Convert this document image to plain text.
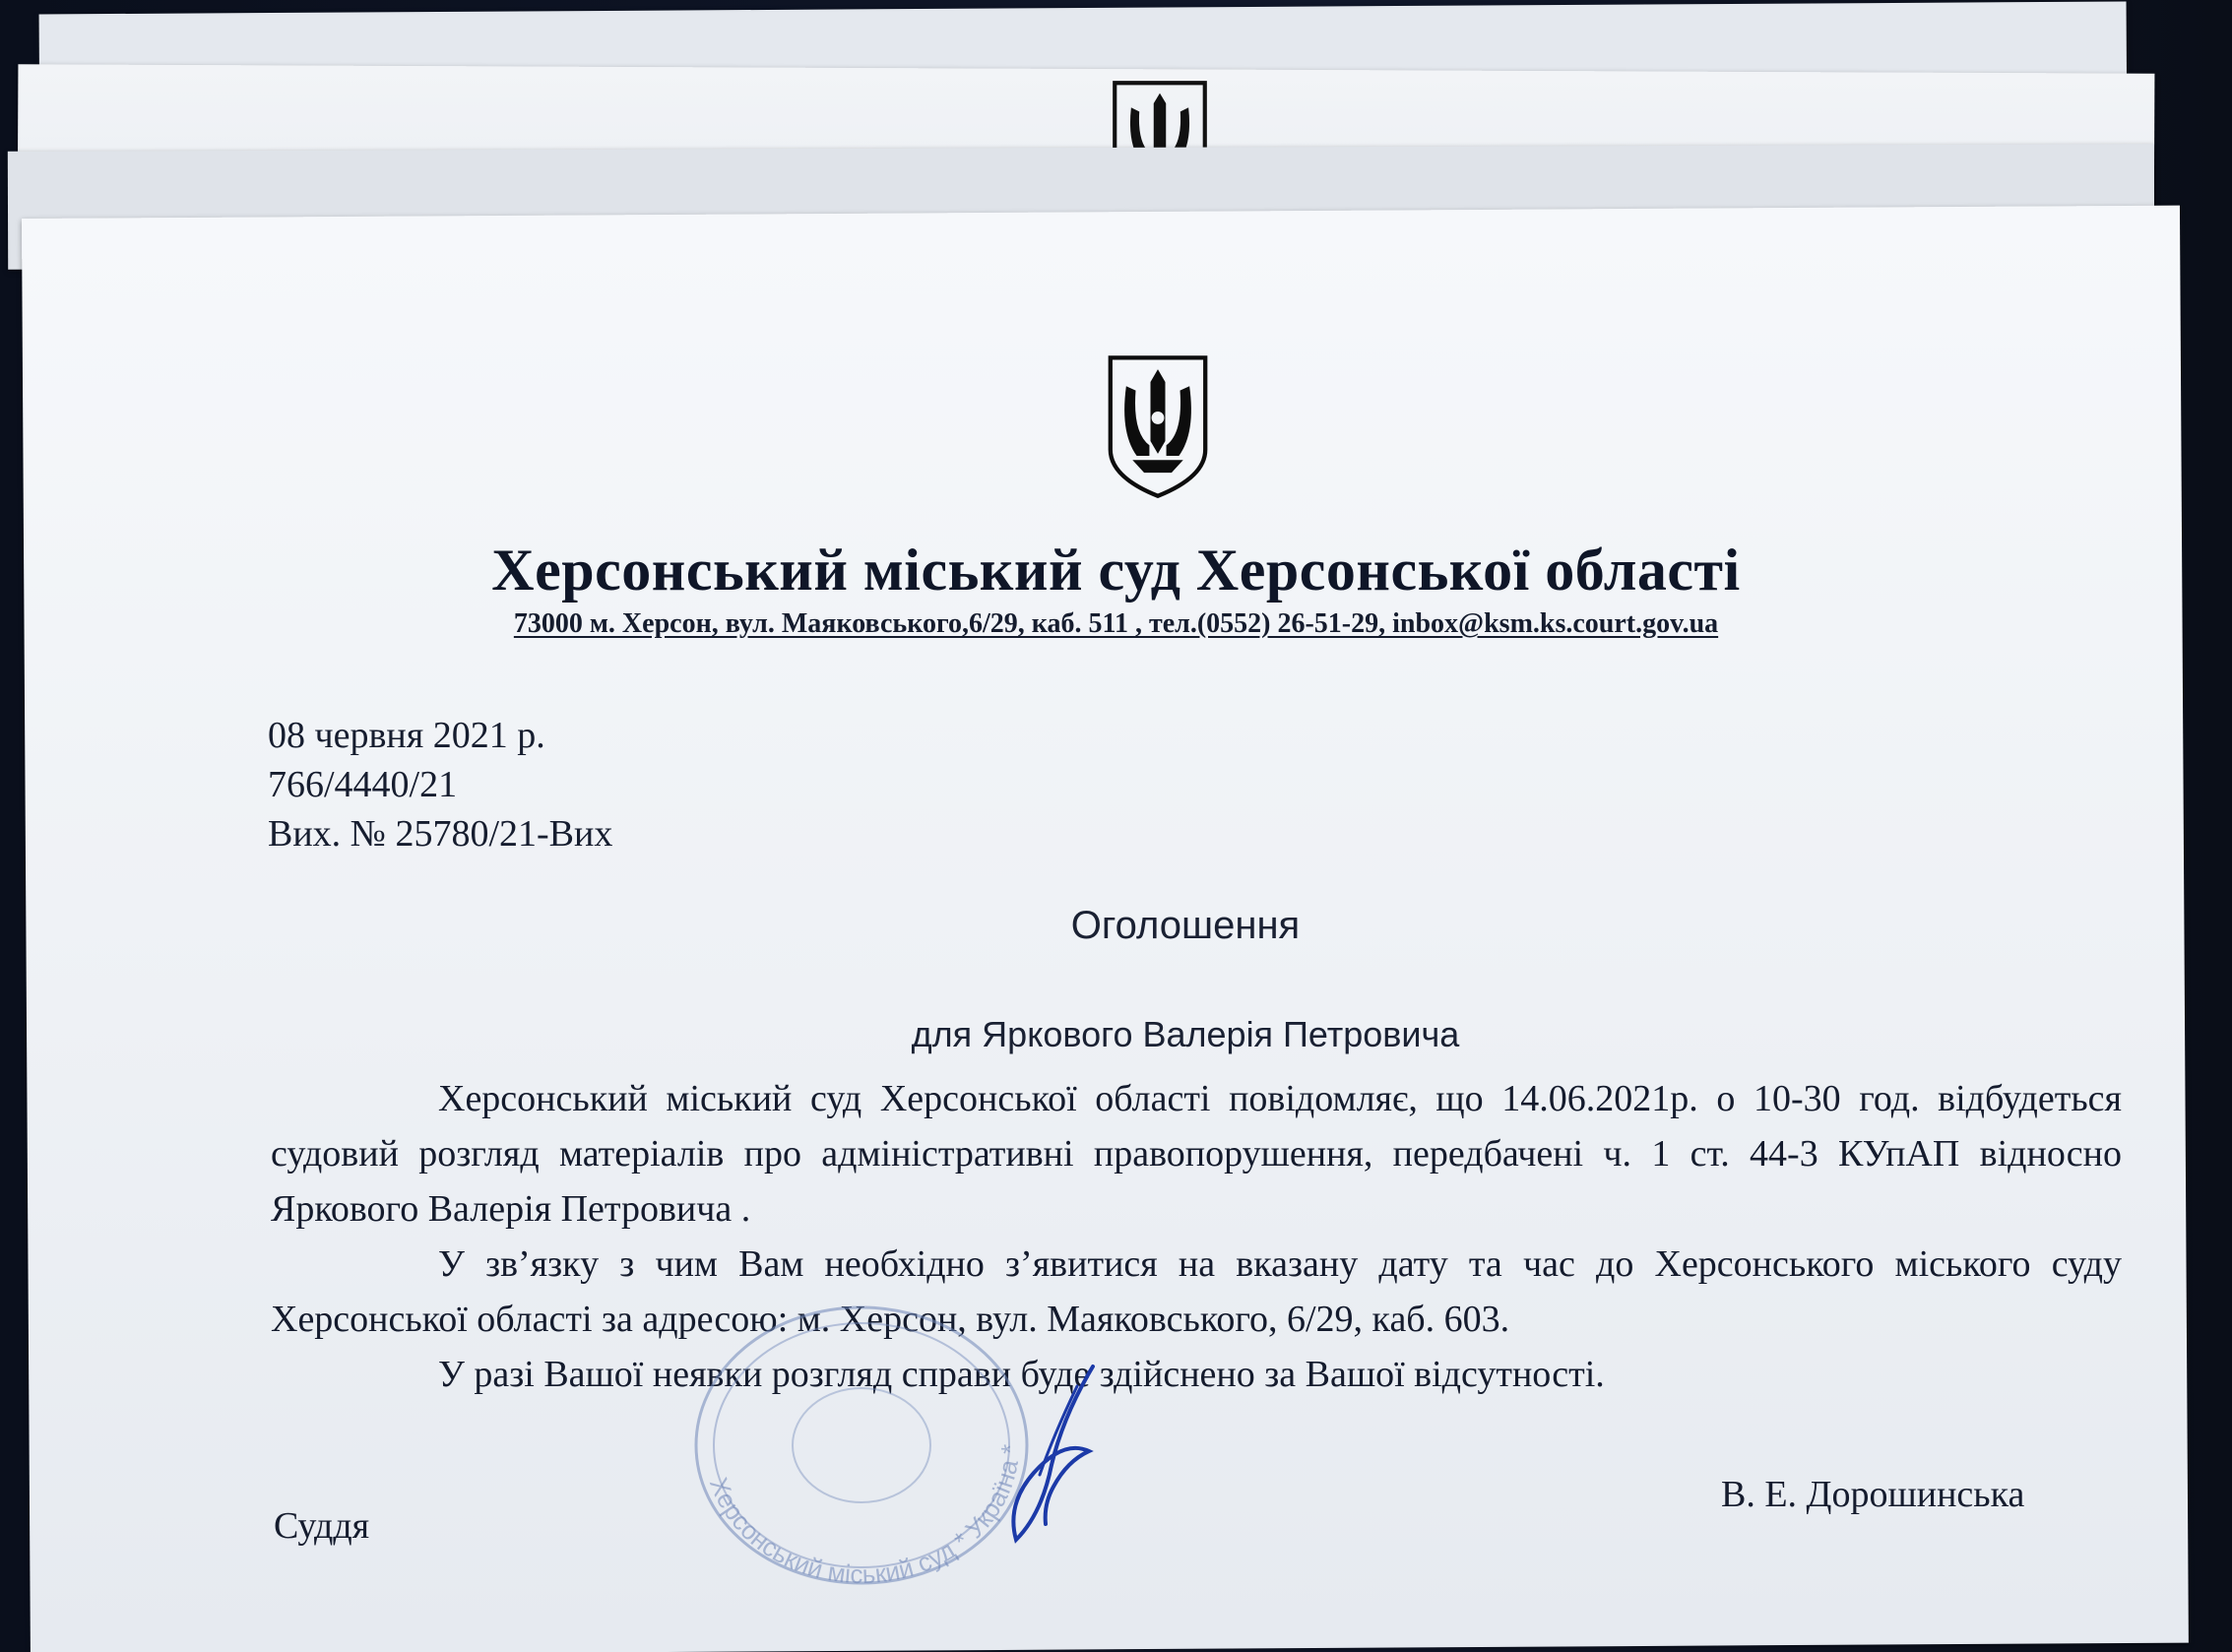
Херсонський міський суд Херсонської області
73000 м. Херсон, вул. Маяковського,6/29, каб. 511 , тел.(0552) 26-51-29, inbox@ksm.ks.court.gov.ua
08 червня 2021 р.
766/4440/21
Вих. № 25780/21-Вих
Оголошення
для Яркового Валерія Петровича

Херсонський міський суд Херсонської області повідомляє, що 14.06.2021р. о 10-30 год. відбудеться судовий розгляд матеріалів про адміністративні правопорушення, передбачені ч. 1 ст. 44-3 КУпАП відносно Яркового Валерія Петровича .

У зв’язку з чим Вам необхідно з’явитися на вказану дату та час до Херсонського міського суду Херсонської області за адресою: м. Херсон, вул. Маяковського, 6/29, каб. 603.

У разі Вашої неявки розгляд справи буде здійснено за Вашої відсутності.

Херсонський міський суд * Україна *
Суддя
В. Е. Дорошинська
